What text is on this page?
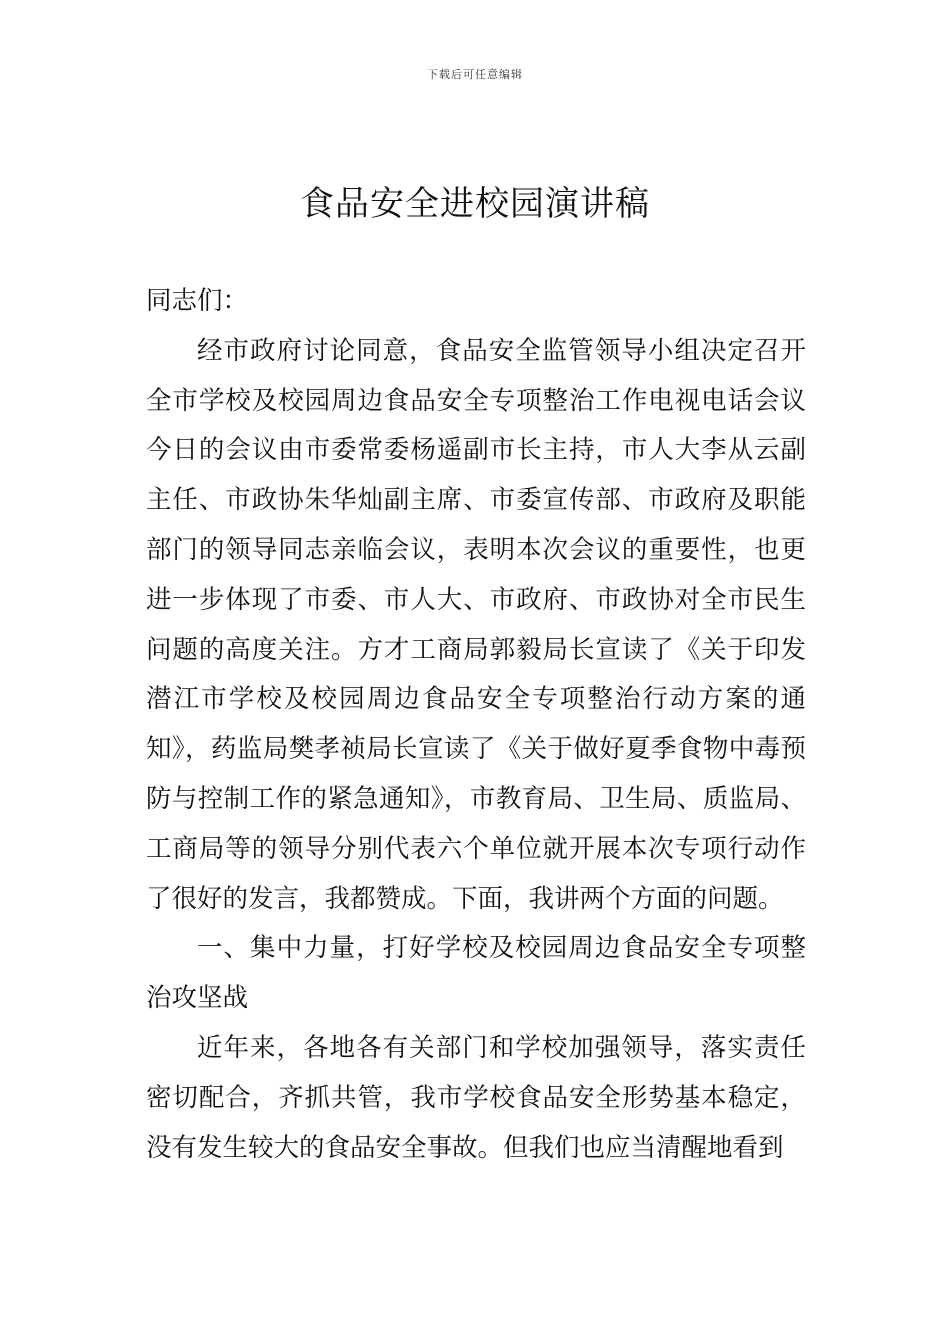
下载后可任意编辑
食品安全进校园演讲稿

同志们：

经市政府讨论同意，食品安全监管领导小组决定召开全市学校及校园周边食品安全专项整治工作电视电话会议今日的会议由市委常委杨遥副市长主持，市人大李从云副主任、市政协朱华灿副主席、市委宣传部、市政府及职能部门的领导同志亲临会议，表明本次会议的重要性，也更进一步体现了市委、市人大、市政府、市政协对全市民生问题的高度关注。方才工商局郭毅局长宣读了《关于印发潜江市学校及校园周边食品安全专项整治行动方案的通知》，药监局樊孝祯局长宣读了《关于做好夏季食物中毒预防与控制工作的紧急通知》，市教育局、卫生局、质监局、工商局等的领导分别代表六个单位就开展本次专项行动作了很好的发言，我都赞成。下面，我讲两个方面的问题。

一、集中力量，打好学校及校园周边食品安全专项整治攻坚战

近年来，各地各有关部门和学校加强领导，落实责任密切配合，齐抓共管，我市学校食品安全形势基本稳定，没有发生较大的食品安全事故。但我们也应当清醒地看到
